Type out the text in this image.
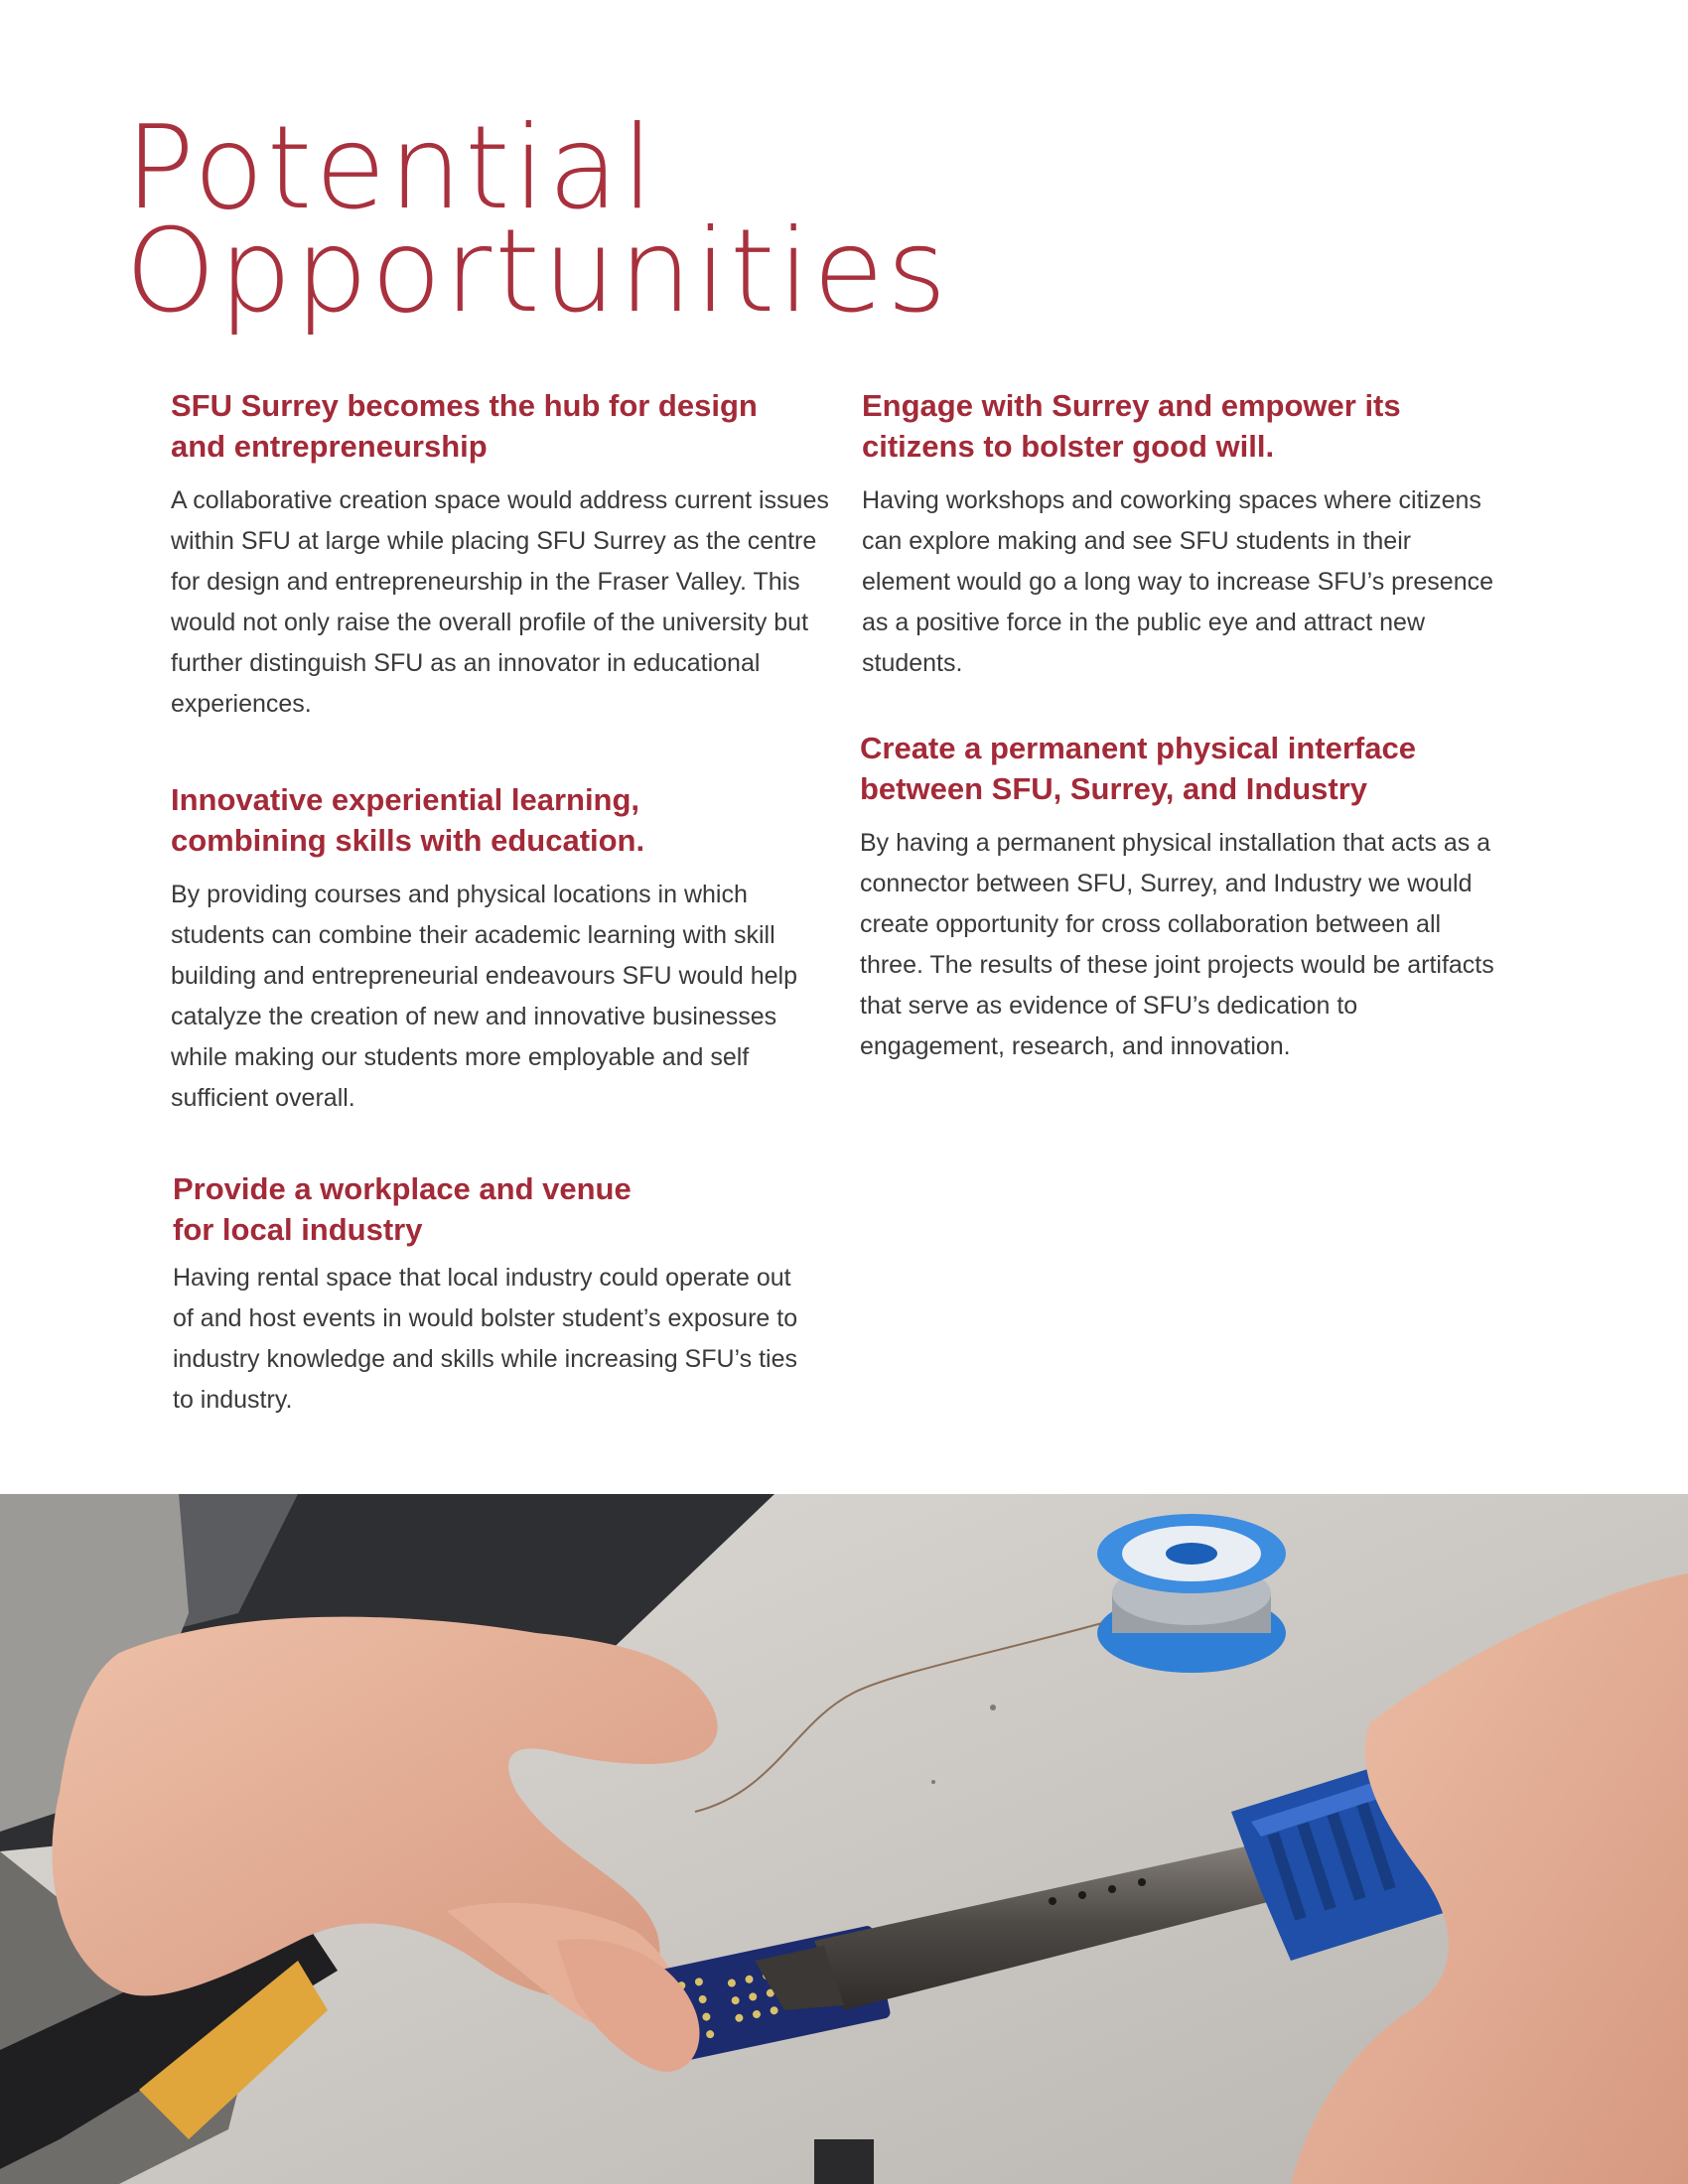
Potential
Opportunities
SFU Surrey becomes the hub for design
and entrepreneurship

A collaborative creation space would address current issues within SFU at large while placing SFU Surrey as the centre for design and entrepreneurship in the Fraser Valley. This would not only raise the overall profile of the university but further distinguish SFU as an innovator in educational experiences.

Innovative experiential learning,
combining skills with education.

By providing courses and physical locations in which students can combine their academic learning with skill building and entrepreneurial endeavours SFU would help catalyze the creation of new and innovative businesses while making our students more employable and self sufficient overall.

Provide a workplace and venue
for local industry

Having rental space that local industry could operate out of and host events in would bolster student’s exposure to industry knowledge and skills while increasing SFU’s ties to industry.

Engage with Surrey and empower its
citizens to bolster good will.

Having workshops and coworking spaces where citizens can explore making and see SFU students in their element would go a long way to increase SFU’s presence as a positive force in the public eye and attract new students.

Create a permanent physical interface
between SFU, Surrey, and Industry

By having a permanent physical installation that acts as a connector between SFU, Surrey, and Industry we would create opportunity for cross collaboration between all three. The results of these joint projects would be artifacts that serve as evidence of SFU’s dedication to engagement, research, and innovation.
